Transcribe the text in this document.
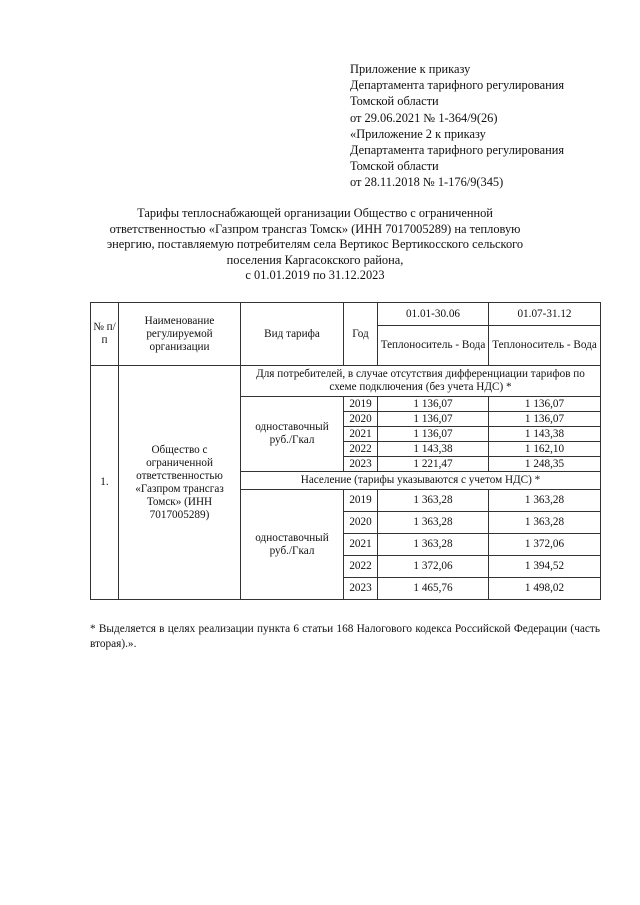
Приложение к приказу
Департамента тарифного регулирования
Томской области
от 29.06.2021 № 1-364/9(26)
«Приложение 2 к приказу
Департамента тарифного регулирования
Томской области
от 28.11.2018 № 1-176/9(345)
Тарифы теплоснабжающей организации Общество с ограниченной
ответственностью «Газпром трансгаз Томск» (ИНН 7017005289) на тепловую
энергию, поставляемую потребителям села Вертикос Вертикосского сельского
поселения Каргасокского района,
с 01.01.2019 по 31.12.2023
№ п/п	Наименование регулируемой организации	Вид тарифа	Год	01.01-30.06	01.07-31.12
				Теплоноситель - Вода	Теплоноситель - Вода
1.	Общество с ограниченной ответственностью «Газпром трансгаз Томск» (ИНН 7017005289)	Для потребителей, в случае отсутствия дифференциации тарифов по схеме подключения (без учета НДС) *			
		одноставочный руб./Гкал	2019	1 136,07	1 136,07
			2020	1 136,07	1 136,07
			2021	1 136,07	1 143,38
			2022	1 143,38	1 162,10
			2023	1 221,47	1 248,35
		Население (тарифы указываются с учетом НДС) *			
		одноставочный руб./Гкал	2019	1 363,28	1 363,28
			2020	1 363,28	1 363,28
			2021	1 363,28	1 372,06
			2022	1 372,06	1 394,52
			2023	1 465,76	1 498,02
* Выделяется в целях реализации пункта 6 статьи 168 Налогового кодекса Российской Федерации (часть вторая).».
